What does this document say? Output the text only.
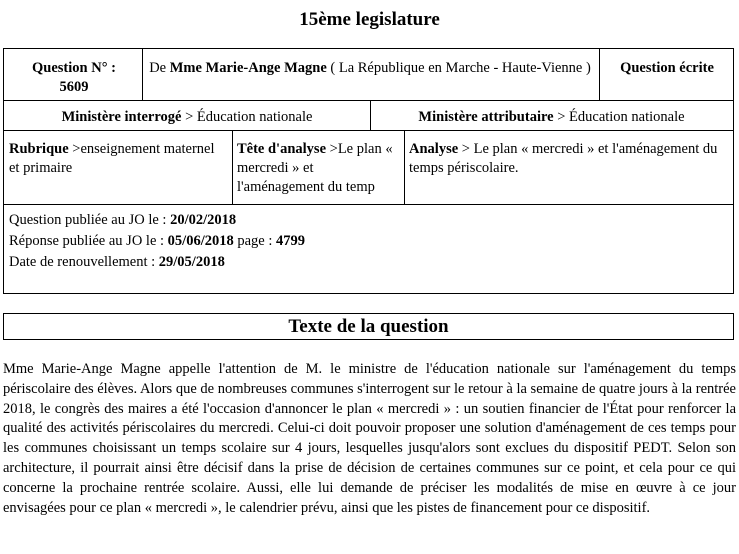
15ème legislature
Question N° :
5609
De Mme Marie-Ange Magne ( La République en Marche - Haute-Vienne )	Question écrite
Ministère interrogé > Éducation nationale	Ministère attributaire > Éducation nationale
Rubrique >enseignement maternel et primaire
Tête d'analyse >Le plan « mercredi » et l'aménagement du temp
Analyse > Le plan « mercredi » et l'aménagement du temps périscolaire.
Question publiée au JO le : 20/02/2018
Réponse publiée au JO le : 05/06/2018 page : 4799
Date de renouvellement : 29/05/2018
Texte de la question
Mme Marie-Ange Magne appelle l'attention de M. le ministre de l'éducation nationale sur l'aménagement du temps périscolaire des élèves. Alors que de nombreuses communes s'interrogent sur le retour à la semaine de quatre jours à la rentrée 2018, le congrès des maires a été l'occasion d'annoncer le plan « mercredi » : un soutien financier de l'État pour renforcer la qualité des activités périscolaires du mercredi. Celui-ci doit pouvoir proposer une solution d'aménagement de ces temps pour les communes choisissant un temps scolaire sur 4 jours, lesquelles jusqu'alors sont exclues du dispositif PEDT. Selon son architecture, il pourrait ainsi être décisif dans la prise de décision de certaines communes sur ce point, et cela pour ce qui concerne la prochaine rentrée scolaire. Aussi, elle lui demande de préciser les modalités de mise en œuvre à ce jour envisagées pour ce plan « mercredi », le calendrier prévu, ainsi que les pistes de financement pour ce dispositif.
